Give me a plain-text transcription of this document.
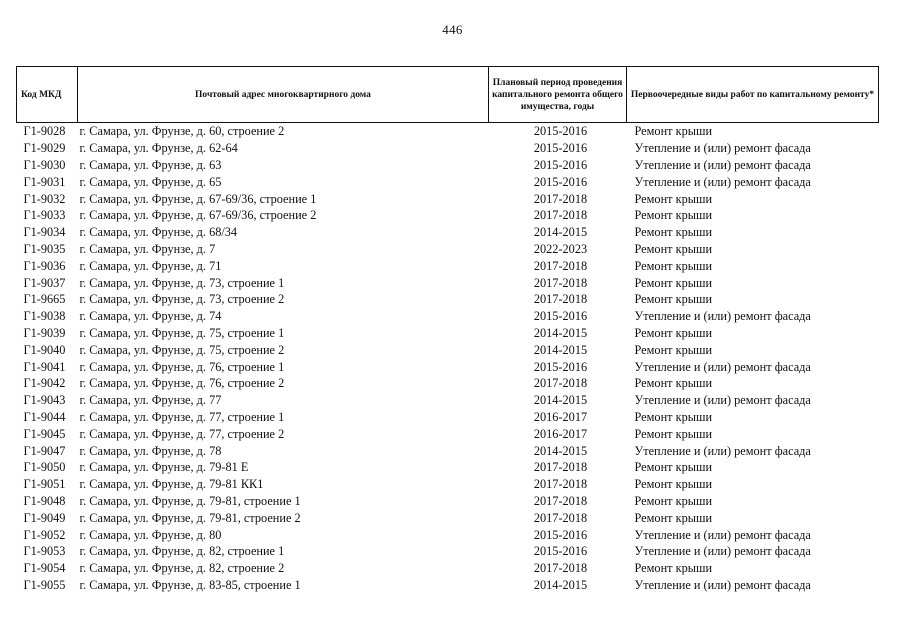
446
Код МКД	Почтовый адрес многоквартирного дома	Плановый период проведения капитального ремонта общего имущества, годы	Первоочередные виды работ по капитальному ремонту*
Г1-9028	г. Самара, ул. Фрунзе, д. 60, строение 2	2015-2016	Ремонт крыши
Г1-9029	г. Самара, ул. Фрунзе, д. 62-64	2015-2016	Утепление и (или) ремонт фасада
Г1-9030	г. Самара, ул. Фрунзе, д. 63	2015-2016	Утепление и (или) ремонт фасада
Г1-9031	г. Самара, ул. Фрунзе, д. 65	2015-2016	Утепление и (или) ремонт фасада
Г1-9032	г. Самара, ул. Фрунзе, д. 67-69/36, строение 1	2017-2018	Ремонт крыши
Г1-9033	г. Самара, ул. Фрунзе, д. 67-69/36, строение 2	2017-2018	Ремонт крыши
Г1-9034	г. Самара, ул. Фрунзе, д. 68/34	2014-2015	Ремонт крыши
Г1-9035	г. Самара, ул. Фрунзе, д. 7	2022-2023	Ремонт крыши
Г1-9036	г. Самара, ул. Фрунзе, д. 71	2017-2018	Ремонт крыши
Г1-9037	г. Самара, ул. Фрунзе, д. 73, строение 1	2017-2018	Ремонт крыши
Г1-9665	г. Самара, ул. Фрунзе, д. 73, строение 2	2017-2018	Ремонт крыши
Г1-9038	г. Самара, ул. Фрунзе, д. 74	2015-2016	Утепление и (или) ремонт фасада
Г1-9039	г. Самара, ул. Фрунзе, д. 75, строение 1	2014-2015	Ремонт крыши
Г1-9040	г. Самара, ул. Фрунзе, д. 75, строение 2	2014-2015	Ремонт крыши
Г1-9041	г. Самара, ул. Фрунзе, д. 76, строение 1	2015-2016	Утепление и (или) ремонт фасада
Г1-9042	г. Самара, ул. Фрунзе, д. 76, строение 2	2017-2018	Ремонт крыши
Г1-9043	г. Самара, ул. Фрунзе, д. 77	2014-2015	Утепление и (или) ремонт фасада
Г1-9044	г. Самара, ул. Фрунзе, д. 77, строение 1	2016-2017	Ремонт крыши
Г1-9045	г. Самара, ул. Фрунзе, д. 77, строение 2	2016-2017	Ремонт крыши
Г1-9047	г. Самара, ул. Фрунзе, д. 78	2014-2015	Утепление и (или) ремонт фасада
Г1-9050	г. Самара, ул. Фрунзе, д. 79-81 Е	2017-2018	Ремонт крыши
Г1-9051	г. Самара, ул. Фрунзе, д. 79-81 КК1	2017-2018	Ремонт крыши
Г1-9048	г. Самара, ул. Фрунзе, д. 79-81, строение 1	2017-2018	Ремонт крыши
Г1-9049	г. Самара, ул. Фрунзе, д. 79-81, строение 2	2017-2018	Ремонт крыши
Г1-9052	г. Самара, ул. Фрунзе, д. 80	2015-2016	Утепление и (или) ремонт фасада
Г1-9053	г. Самара, ул. Фрунзе, д. 82, строение 1	2015-2016	Утепление и (или) ремонт фасада
Г1-9054	г. Самара, ул. Фрунзе, д. 82, строение 2	2017-2018	Ремонт крыши
Г1-9055	г. Самара, ул. Фрунзе, д. 83-85, строение 1	2014-2015	Утепление и (или) ремонт фасада
